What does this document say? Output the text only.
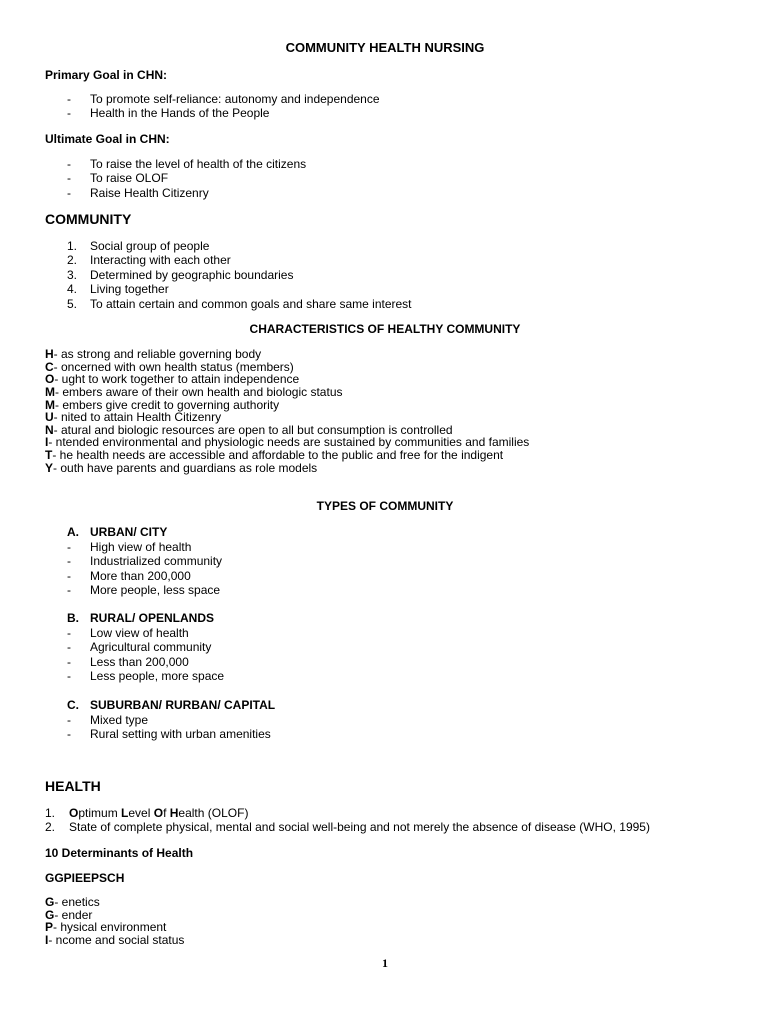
COMMUNITY HEALTH NURSING
Primary Goal in CHN:
- To promote self-reliance: autonomy and independence
- Health in the Hands of the People
Ultimate Goal in CHN:
- To raise the level of health of the citizens
- To raise OLOF
- Raise Health Citizenry
COMMUNITY
1. Social group of people
2. Interacting with each other
3. Determined by geographic boundaries
4. Living together
5. To attain certain and common goals and share same interest
CHARACTERISTICS OF HEALTHY COMMUNITY
H- as strong and reliable governing body
C- oncerned with own health status (members)
O- ught to work together to attain independence
M- embers aware of their own health and biologic status
M- embers give credit to governing authority
U- nited to attain Health Citizenry
N- atural and biologic resources are open to all but consumption is controlled
I- ntended environmental and physiologic needs are sustained by communities and families
T- he health needs are accessible and affordable to the public and free for the indigent
Y- outh have parents and guardians as role models
TYPES OF COMMUNITY
A. URBAN/ CITY
- High view of health
- Industrialized community
- More than 200,000
- More people, less space
B. RURAL/ OPENLANDS
- Low view of health
- Agricultural community
- Less than 200,000
- Less people, more space
C. SUBURBAN/ RURBAN/ CAPITAL
- Mixed type
- Rural setting with urban amenities
HEALTH
1. Optimum Level Of Health (OLOF)
2. State of complete physical, mental and social well-being and not merely the absence of disease (WHO, 1995)
10 Determinants of Health
GGPIEEPSCH
G- enetics
G- ender
P- hysical environment
I- ncome and social status
1
